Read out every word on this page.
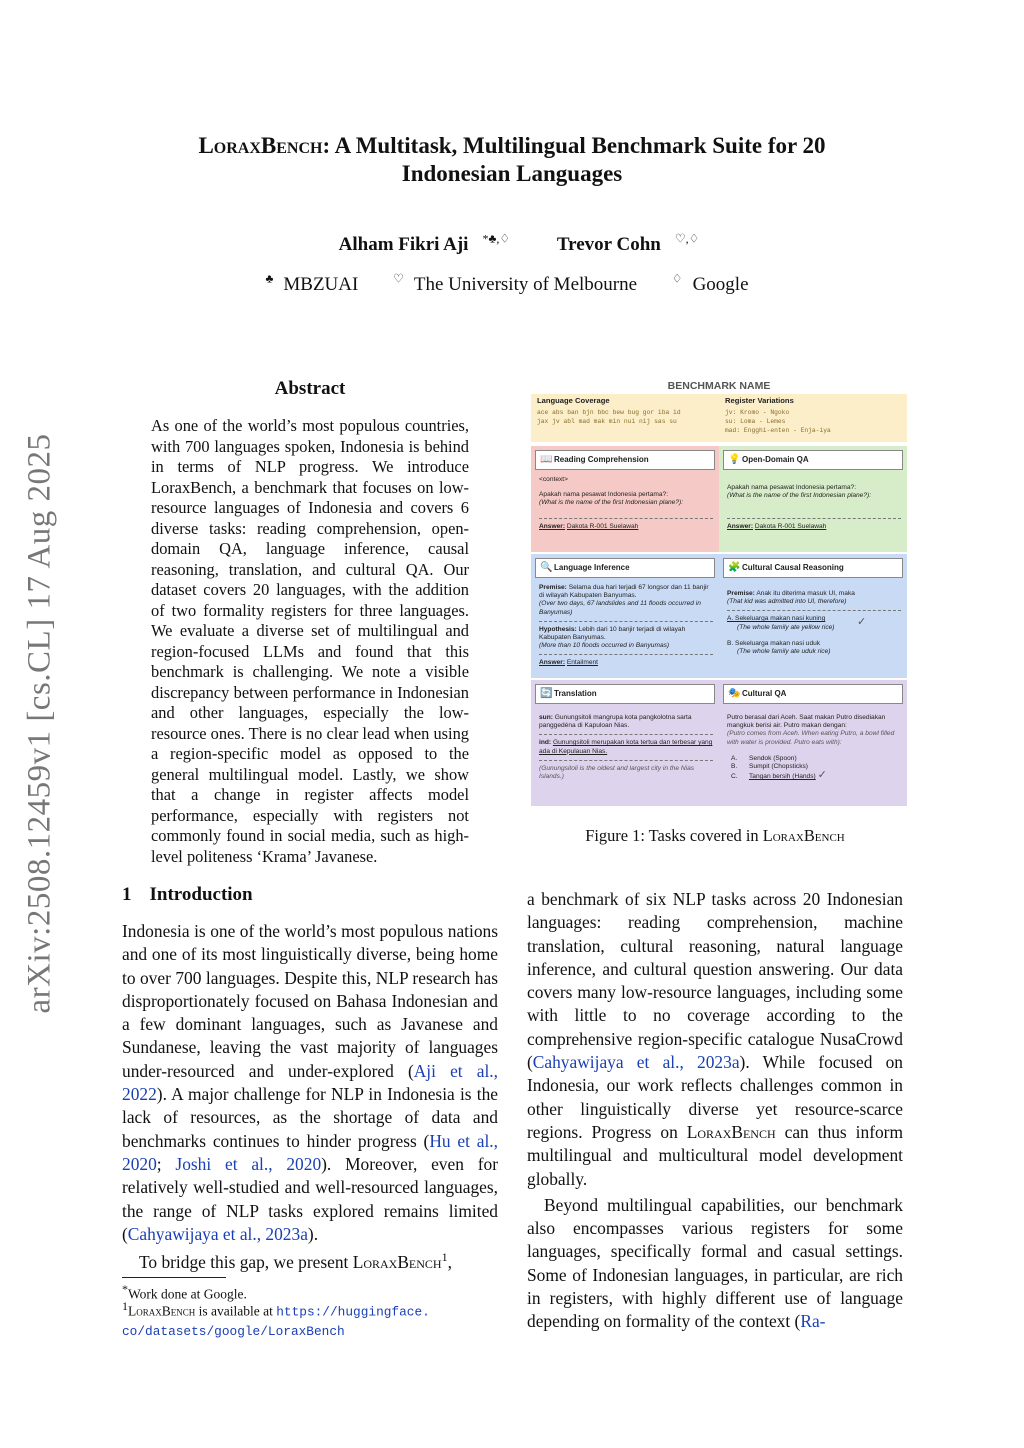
arXiv:2508.12459v1 [cs.CL] 17 Aug 2025
LoraxBench: A Multitask, Multilingual Benchmark Suite for 20
Indonesian Languages
Alham Fikri Aji *♣,♢ Trevor Cohn ♡,♢
♣ MBZUAI	♡ The University of Melbourne	♢ Google
Abstract
As one of the world’s most populous countries, with 700 languages spoken, Indonesia is behind in terms of NLP progress. We introduce LoraxBench, a benchmark that focuses on low-resource languages of Indonesia and covers 6 diverse tasks: reading comprehension, open-domain QA, language inference, causal reasoning, translation, and cultural QA. Our dataset covers 20 languages, with the addition of two formality registers for three languages. We evaluate a diverse set of multilingual and region-focused LLMs and found that this benchmark is challenging. We note a visible discrepancy between performance in Indonesian and other languages, especially the low-resource ones. There is no clear lead when using a region-specific model as opposed to the general multilingual model. Lastly, we show that a change in register affects model performance, especially with registers not commonly found in social media, such as high-level politeness ‘Krama’ Javanese.
BENCHMARK NAME
Language Coverage
ace abs ban bjn bbc bew bug gor iba id
jax jv abl mad mak min nui nij sas su
Register Variations
jv: Kromo - Ngoko
su: Loma - Lemes
mad: Engghi-enten - Enja-iya
📖 Reading Comprehension
<context>
Apakah nama pesawat Indonesia pertama?:
(What is the name of the first Indonesian plane?):
Answer: Dakota R-001 Suelawah
💡 Open-Domain QA
Apakah nama pesawat Indonesia pertama?:
(What is the name of the first Indonesian plane?):
Answer: Dakota R-001 Suelawah
🔍 Language Inference
Premise: Selama dua hari terjadi 67 longsor dan 11 banjir di wilayah Kabupaten Banyumas.
(Over two days, 67 landslides and 11 floods occurred in Banyumas)
Hypothesis: Lebih dari 10 banjir terjadi di wilayah Kabupaten Banyumas.
(More than 10 floods occurred in Banyumas)
Answer: Entailment
🧩 Cultural Causal Reasoning
Premise: Anak itu diterima masuk UI, maka
(That kid was admitted into UI, therefore)
A. Sekeluarga makan nasi kuning
(The whole family ate yellow rice) ✓
B. Sekeluarga makan nasi uduk
(The whole family ate uduk rice)
🔄 Translation
sun: Gunungsitoli mangrupa kota pangkolotna sarta panggedéna di Kapuloan Nias.
ind: Gunungsitoli merupakan kota tertua dan terbesar yang ada di Kepulauan Nias.
(Gunungsitoli is the oldest and largest city in the Nias Islands.)
🎭 Cultural QA
Putro berasal dari Aceh. Saat makan Putro disediakan mangkuk berisi air. Putro makan dengan:
(Putro comes from Aceh. When eating Putro, a bowl filled with water is provided. Putro eats with):
A. Sendok (Spoon)
B. Sumpit (Chopsticks)
C. Tangan bersih (Hands) ✓
Figure 1: Tasks covered in LoraxBench
1 Introduction

Indonesia is one of the world’s most populous nations and one of its most linguistically diverse, being home to over 700 languages. Despite this, NLP research has disproportionately focused on Bahasa Indonesian and a few dominant languages, such as Javanese and Sundanese, leaving the vast majority of languages under-resourced and under-explored (Aji et al., 2022). A major challenge for NLP in Indonesia is the lack of resources, as the shortage of data and benchmarks continues to hinder progress (Hu et al., 2020; Joshi et al., 2020). Moreover, even for relatively well-studied and well-resourced languages, the range of NLP tasks explored remains limited (Cahyawijaya et al., 2023a).

To bridge this gap, we present LoraxBench$^1$,

*Work done at Google.
$^1$LoraxBench is available at https://huggingface.
co/datasets/google/LoraxBench

a benchmark of six NLP tasks across 20 Indonesian languages: reading comprehension, machine translation, cultural reasoning, natural language inference, and cultural question answering. Our data covers many low-resource languages, including some with little to no coverage according to the comprehensive region-specific catalogue NusaCrowd (Cahyawijaya et al., 2023a). While focused on Indonesia, our work reflects challenges common in other linguistically diverse yet resource-scarce regions. Progress on LoraxBench can thus inform multilingual and multicultural model development globally.

Beyond multilingual capabilities, our benchmark also encompasses various registers for some languages, specifically formal and casual settings. Some of Indonesian languages, in particular, are rich in registers, with highly different use of language depending on formality of the context (Ra-
